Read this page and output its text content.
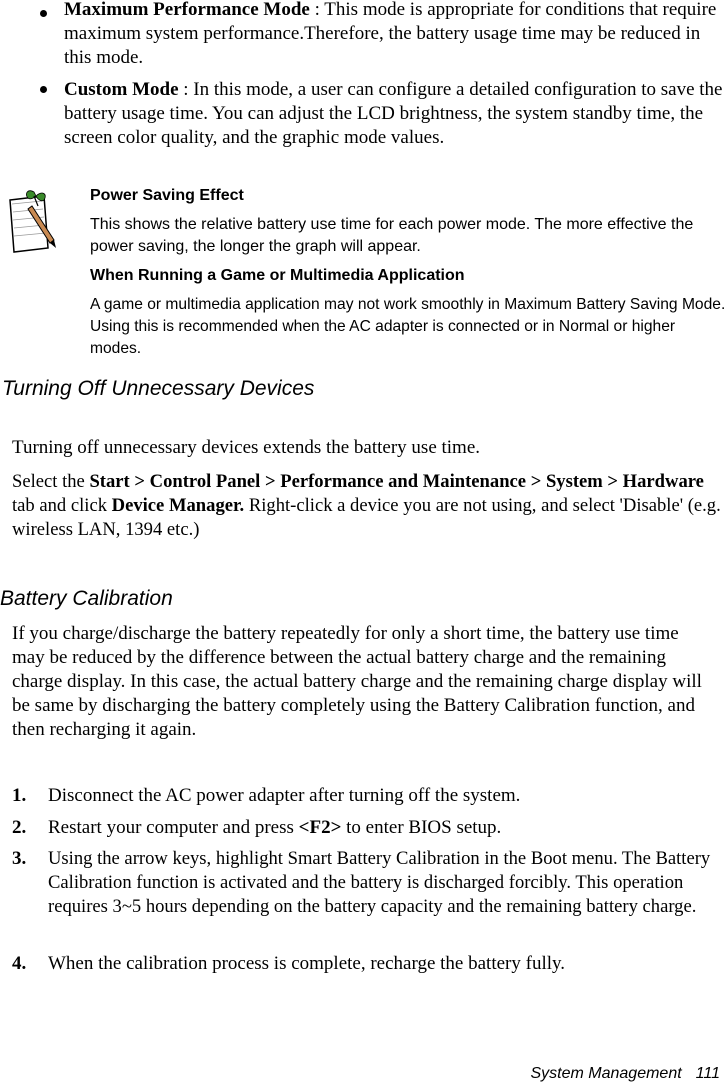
Maximum Performance Mode : This mode is appropriate for conditions that require maximum system performance.Therefore, the battery usage time may be reduced in this mode.
Custom Mode : In this mode, a user can configure a detailed configuration to save the battery usage time. You can adjust the LCD brightness, the system standby time, the screen color quality, and the graphic mode values.
Power Saving Effect
This shows the relative battery use time for each power mode. The more effective the power saving, the longer the graph will appear.
When Running a Game or Multimedia Application
A game or multimedia application may not work smoothly in Maximum Battery Saving Mode. Using this is recommended when the AC adapter is connected or in Normal or higher modes.
Turning Off Unnecessary Devices
Turning off unnecessary devices extends the battery use time.
Select the Start > Control Panel > Performance and Maintenance > System > Hardware tab and click Device Manager. Right-click a device you are not using, and select 'Disable' (e.g. wireless LAN, 1394 etc.)
Battery Calibration
If you charge/discharge the battery repeatedly for only a short time, the battery use time may be reduced by the difference between the actual battery charge and the remaining charge display. In this case, the actual battery charge and the remaining charge display will be same by discharging the battery completely using the Battery Calibration function, and then recharging it again.
1. Disconnect the AC power adapter after turning off the system.
2. Restart your computer and press <F2> to enter BIOS setup.
3. Using the arrow keys, highlight Smart Battery Calibration in the Boot menu. The Battery Calibration function is activated and the battery is discharged forcibly. This operation requires 3~5 hours depending on the battery capacity and the remaining battery charge.
4. When the calibration process is complete, recharge the battery fully.
System Management 111
